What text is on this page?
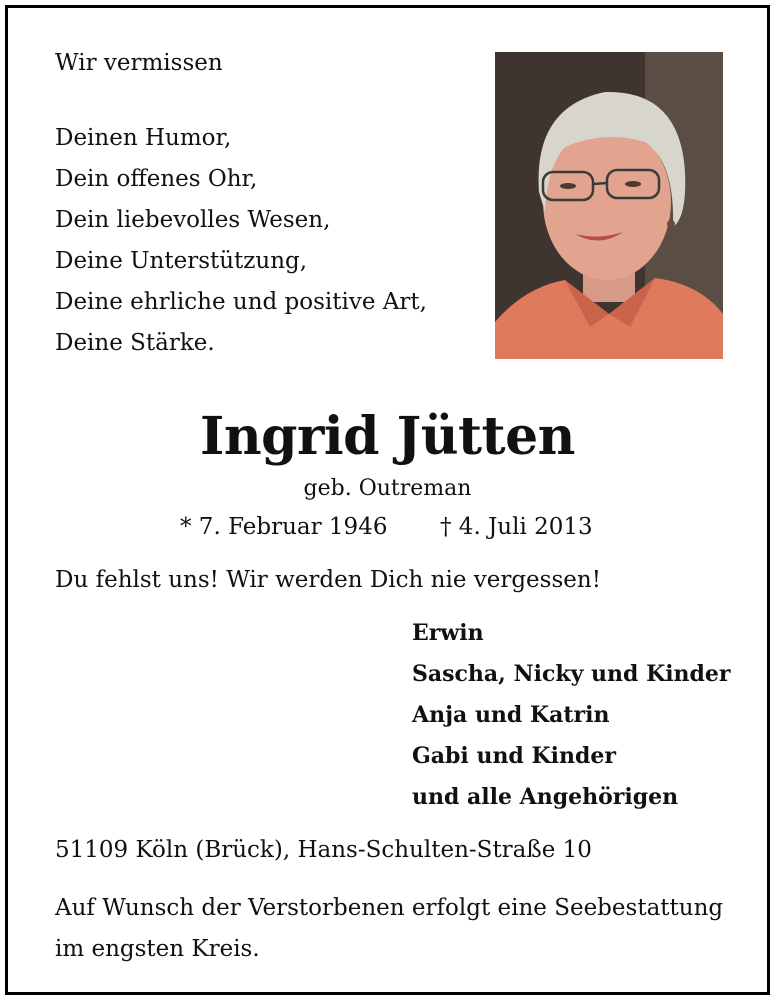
Wir vermissen
Deinen Humor,
Dein offenes Ohr,
Dein liebevolles Wesen,
Deine Unterstützung,
Deine ehrliche und positive Art,
Deine Stärke.
Ingrid Jütten
geb. Outreman
* 7. Februar 1946 † 4. Juli 2013
Du fehlst uns! Wir werden Dich nie vergessen!
Erwin
Sascha, Nicky und Kinder
Anja und Katrin
Gabi und Kinder
und alle Angehörigen
51109 Köln (Brück), Hans-Schulten-Straße 10
Auf Wunsch der Verstorbenen erfolgt eine Seebestattung im engsten Kreis.
